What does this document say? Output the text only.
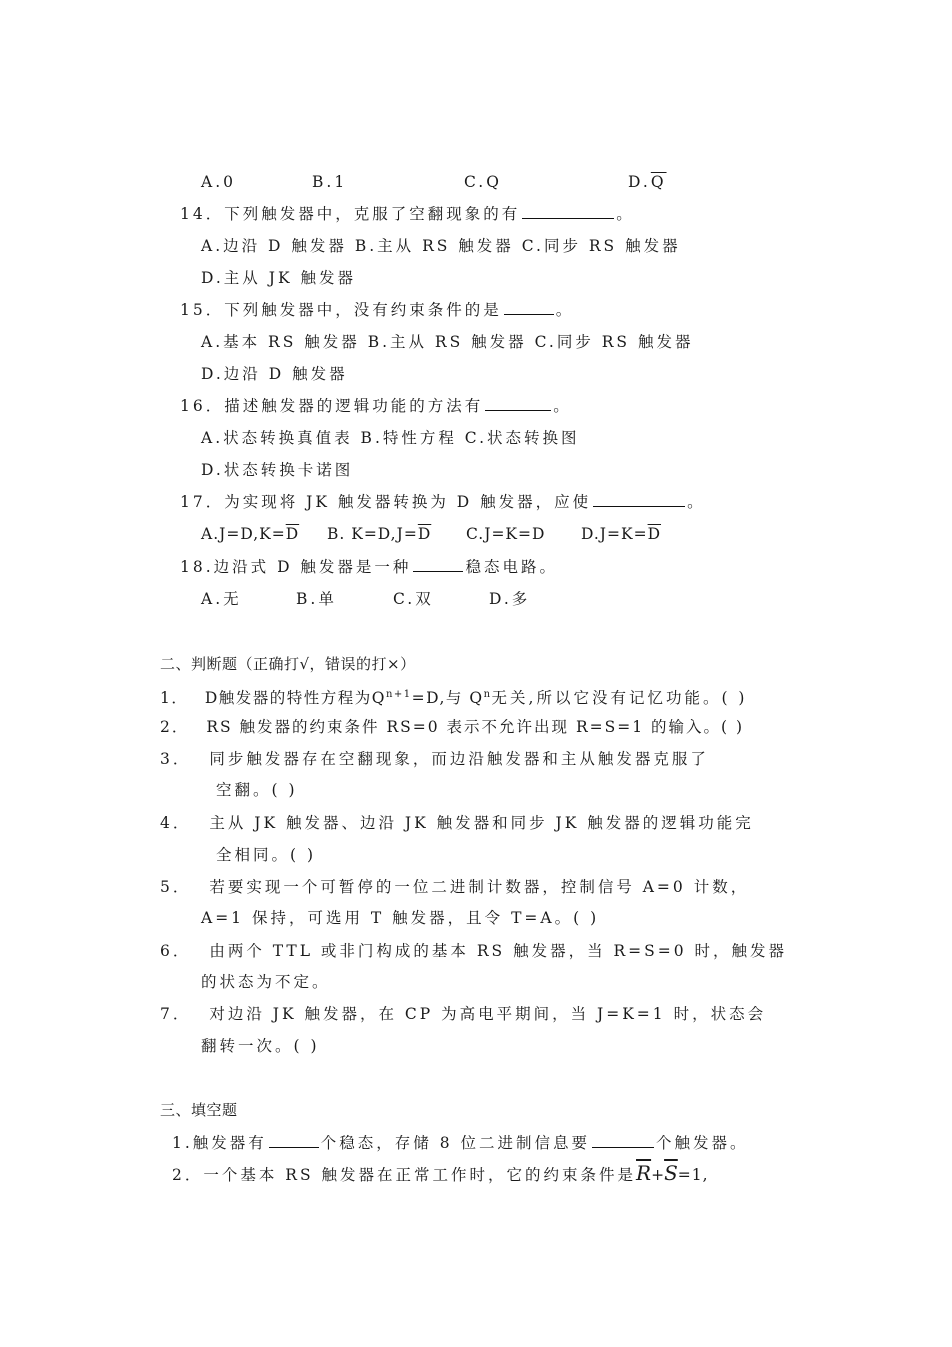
A.0	B.1	C.Q	$D.\overline{Q}$
14．下列触发器中，克服了空翻现象的有	。
A.边沿 D 触发器 B.主从 RS 触发器 C.同步 RS 触发器
D.主从 JK 触发器
15．下列触发器中，没有约束条件的是	。
A.基本 RS 触发器 B.主从 RS 触发器 C.同步 RS 触发器
D.边沿 D 触发器
16．描述触发器的逻辑功能的方法有	。
A.状态转换真值表 B.特性方程 C.状态转换图
D.状态转换卡诺图
17．为实现将 JK 触发器转换为 D 触发器，应使	。
$A.J=D,K=\overline{D}$ B. $K=D,J=\overline{D}$ C.J=K=D $D.J=K=\overline{D}$
18.边沿式 D 触发器是一种	稳态电路。
A.无	B.单	C.双	D.多
二、判断题（正确打√，错误的打×）
1． D触发器的特性方程为$Q^{n+1}=D$,与 $Q^n$无关,所以它没有记忆功能。( )
2． RS 触发器的约束条件 RS=0 表示不允许出现 R=S=1 的输入。( )
3． 同步触发器存在空翻现象，而边沿触发器和主从触发器克服了
空翻。( )
4． 主从 JK 触发器、边沿 JK 触发器和同步 JK 触发器的逻辑功能完
全相同。( )
5． 若要实现一个可暂停的一位二进制计数器，控制信号 A=0 计数，
A=1 保持，可选用 T 触发器，且令 T=A。( )
6． 由两个 TTL 或非门构成的基本 RS 触发器，当 R=S=0 时，触发器
的状态为不定。
7． 对边沿 JK 触发器，在 CP 为高电平期间，当 J=K=1 时，状态会
翻转一次。( )
三、填空题
1.触发器有	个稳态，存储 8 位二进制信息要	个触发器。
2．一个基本 RS 触发器在正常工作时，它的约束条件是$\overline{R}+\overline{S}=1$,
